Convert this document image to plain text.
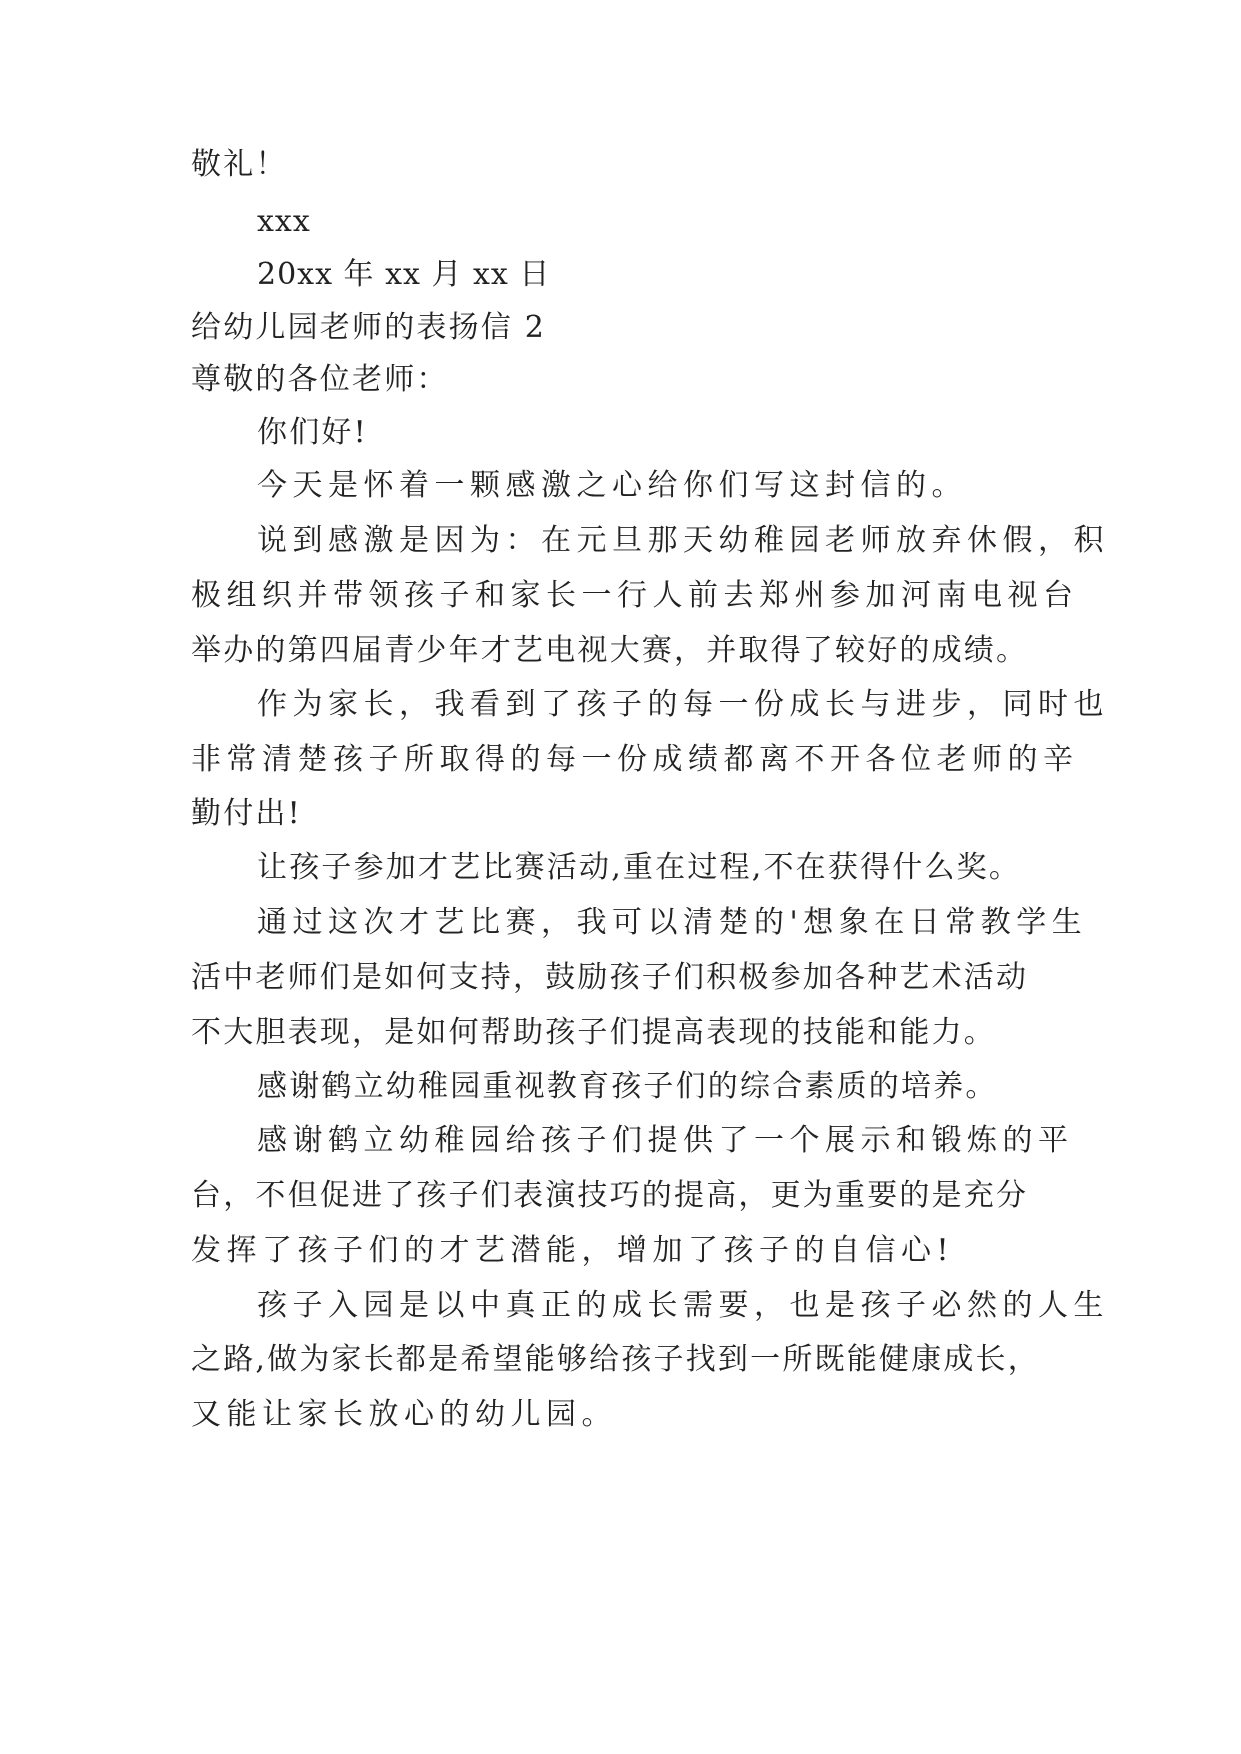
敬礼！
xxx
20xx 年 xx 月 xx 日
给幼儿园老师的表扬信 2
尊敬的各位老师：
你们好!
今天是怀着一颗感激之心给你们写这封信的。
说到感激是因为：在元旦那天幼稚园老师放弃休假，积
极组织并带领孩子和家长一行人前去郑州参加河南电视台
举办的第四届青少年才艺电视大赛，并取得了较好的成绩。
作为家长，我看到了孩子的每一份成长与进步，同时也
非常清楚孩子所取得的每一份成绩都离不开各位老师的辛
勤付出!
让孩子参加才艺比赛活动,重在过程,不在获得什么奖。
通过这次才艺比赛，我可以清楚的'想象在日常教学生
活中老师们是如何支持，鼓励孩子们积极参加各种艺术活动
不大胆表现，是如何帮助孩子们提高表现的技能和能力。
感谢鹤立幼稚园重视教育孩子们的综合素质的培养。
感谢鹤立幼稚园给孩子们提供了一个展示和锻炼的平
台，不但促进了孩子们表演技巧的提高，更为重要的是充分
发挥了孩子们的才艺潜能，增加了孩子的自信心!
孩子入园是以中真正的成长需要，也是孩子必然的人生
之路,做为家长都是希望能够给孩子找到一所既能健康成长，
又能让家长放心的幼儿园。
